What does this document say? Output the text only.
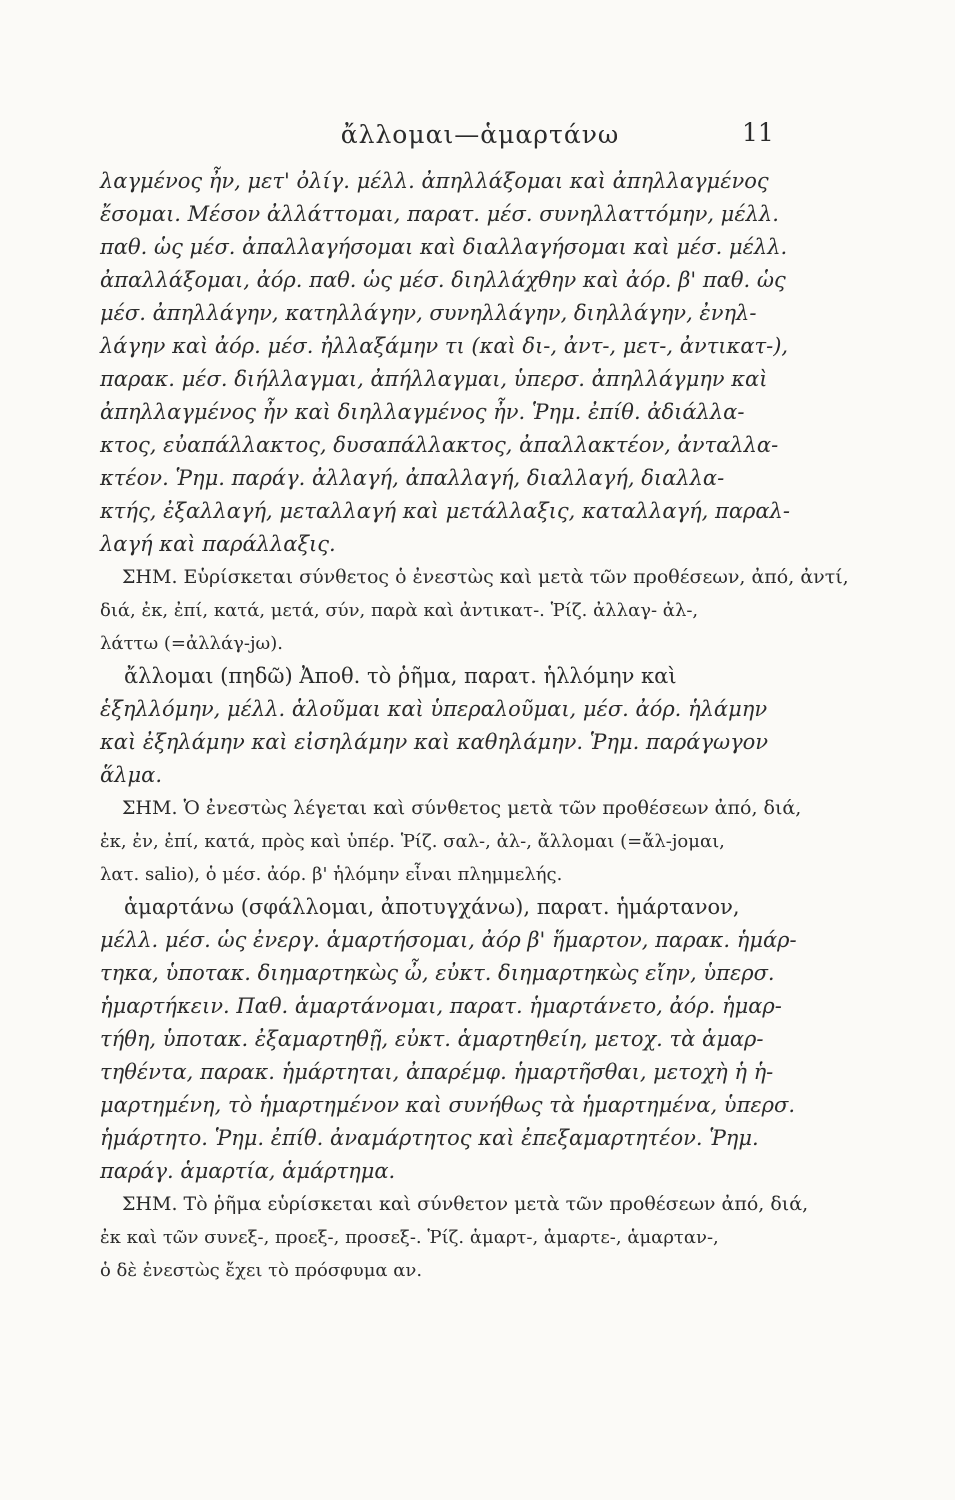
ἄλλομαι—ἁμαρτάνω	11
λαγμένος ἦν, μετ' ὀλίγ. μέλλ. ἀπηλλάξομαι καὶ ἀπηλλαγμένος
ἔσομαι. Μέσον ἀλλάττομαι, παρατ. μέσ. συνηλλαττόμην, μέλλ.
παθ. ὡς μέσ. ἀπαλλαγήσομαι καὶ διαλλαγήσομαι καὶ μέσ. μέλλ.
ἀπαλλάξομαι, ἀόρ. παθ. ὡς μέσ. διηλλάχθην καὶ ἀόρ. β' παθ. ὡς
μέσ. ἀπηλλάγην, κατηλλάγην, συνηλλάγην, διηλλάγην, ἐνηλ-
λάγην καὶ ἀόρ. μέσ. ἠλλαξάμην τι (καὶ δι-, ἀντ-, μετ-, ἀντικατ-),
παρακ. μέσ. διήλλαγμαι, ἀπήλλαγμαι, ὑπερσ. ἀπηλλάγμην καὶ
ἀπηλλαγμένος ἦν καὶ διηλλαγμένος ἦν. Ῥημ. ἐπίθ. ἀδιάλλα-
κτος, εὐαπάλλακτος, δυσαπάλλακτος, ἀπαλλακτέον, ἀνταλλα-
κτέον. Ῥημ. παράγ. ἀλλαγή, ἀπαλλαγή, διαλλαγή, διαλλα-
κτής, ἐξαλλαγή, μεταλλαγή καὶ μετάλλαξις, καταλλαγή, παραλ-
λαγή καὶ παράλλαξις.
ΣΗΜ. Εὑρίσκεται σύνθετος ὁ ἐνεστὼς καὶ μετὰ τῶν προθέσεων, ἀπό, ἀντί,
διά, ἐκ, ἐπί, κατά, μετά, σύν, παρὰ καὶ ἀντικατ-. Ῥίζ. ἀλλαγ- ἀλ-,
λάττω (=ἀλλάγ-jω).
ἄλλομαι (πηδῶ) Ἀποθ. τὸ ῥῆμα, παρατ. ἡλλόμην καὶ
ἑξηλλόμην, μέλλ. ἁλοῦμαι καὶ ὑπεραλοῦμαι, μέσ. ἀόρ. ἡλάμην
καὶ ἐξηλάμην καὶ εἰσηλάμην καὶ καθηλάμην. Ῥημ. παράγωγον
ἅλμα.
ΣΗΜ. Ὁ ἐνεστὼς λέγεται καὶ σύνθετος μετὰ τῶν προθέσεων ἀπό, διά,
ἐκ, ἐν, ἐπί, κατά, πρὸς καὶ ὑπέρ. Ῥίζ. σαλ-, ἀλ-, ἄλλομαι (=ἄλ-jομαι,
λατ. salio), ὁ μέσ. ἀόρ. β' ἡλόμην εἶναι πλημμελής.
ἁμαρτάνω (σφάλλομαι, ἀποτυγχάνω), παρατ. ἡμάρτανον,
μέλλ. μέσ. ὡς ἐνεργ. ἁμαρτήσομαι, ἀόρ β' ἥμαρτον, παρακ. ἡμάρ-
τηκα, ὑποτακ. διημαρτηκὼς ὦ, εὐκτ. διημαρτηκὼς εἴην, ὑπερσ.
ἡμαρτήκειν. Παθ. ἁμαρτάνομαι, παρατ. ἡμαρτάνετο, ἀόρ. ἡμαρ-
τήθη, ὑποτακ. ἐξαμαρτηθῇ, εὐκτ. ἁμαρτηθείη, μετοχ. τὰ ἁμαρ-
τηθέντα, παρακ. ἡμάρτηται, ἀπαρέμφ. ἡμαρτῆσθαι, μετοχὴ ἡ ἡ-
μαρτημένη, τὸ ἡμαρτημένον καὶ συνήθως τὰ ἡμαρτημένα, ὑπερσ.
ἡμάρτητο. Ῥημ. ἐπίθ. ἀναμάρτητος καὶ ἐπεξαμαρτητέον. Ῥημ.
παράγ. ἁμαρτία, ἁμάρτημα.
ΣΗΜ. Τὸ ῥῆμα εὑρίσκεται καὶ σύνθετον μετὰ τῶν προθέσεων ἀπό, διά,
ἐκ καὶ τῶν συνεξ-, προεξ-, προσεξ-. Ῥίζ. ἁμαρτ-, ἁμαρτε-, ἁμαρταν-,
ὁ δὲ ἐνεστὼς ἔχει τὸ πρόσφυμα αν.
